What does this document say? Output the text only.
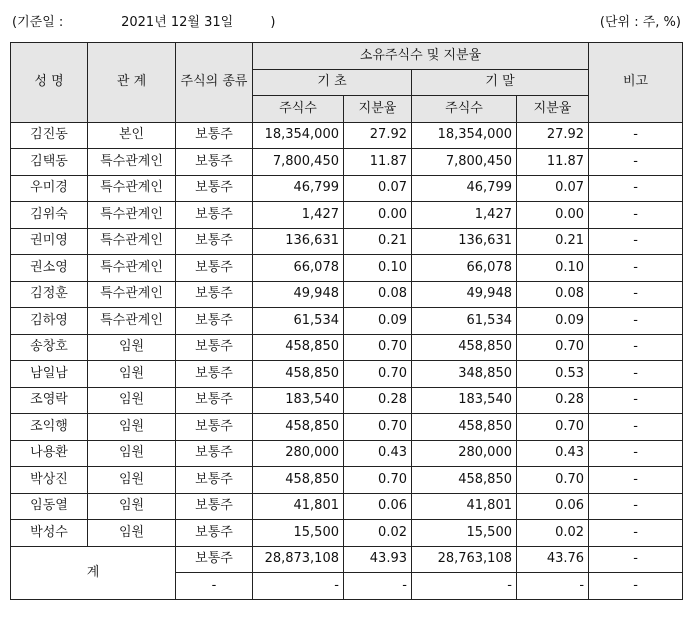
(기준일 :              2021년 12월 31일         )	(단위 : 주, %)
성 명	관 계	주식의 종류	소유주식수 및 지분율				비고
			기 초		기 말		
			주식수	지분율	주식수	지분율	
김진동	본인	보통주	18,354,000	27.92	18,354,000	27.92	-
김택동	특수관계인	보통주	7,800,450	11.87	7,800,450	11.87	-
우미경	특수관계인	보통주	46,799	0.07	46,799	0.07	-
김위숙	특수관계인	보통주	1,427	0.00	1,427	0.00	-
권미영	특수관계인	보통주	136,631	0.21	136,631	0.21	-
권소영	특수관계인	보통주	66,078	0.10	66,078	0.10	-
김정훈	특수관계인	보통주	49,948	0.08	49,948	0.08	-
김하영	특수관계인	보통주	61,534	0.09	61,534	0.09	-
송창호	임원	보통주	458,850	0.70	458,850	0.70	-
남일남	임원	보통주	458,850	0.70	348,850	0.53	-
조영락	임원	보통주	183,540	0.28	183,540	0.28	-
조익행	임원	보통주	458,850	0.70	458,850	0.70	-
나용환	임원	보통주	280,000	0.43	280,000	0.43	-
박상진	임원	보통주	458,850	0.70	458,850	0.70	-
임동열	임원	보통주	41,801	0.06	41,801	0.06	-
박성수	임원	보통주	15,500	0.02	15,500	0.02	-
계		보통주	28,873,108	43.93	28,763,108	43.76	-
		-	-	-	-	-	-
